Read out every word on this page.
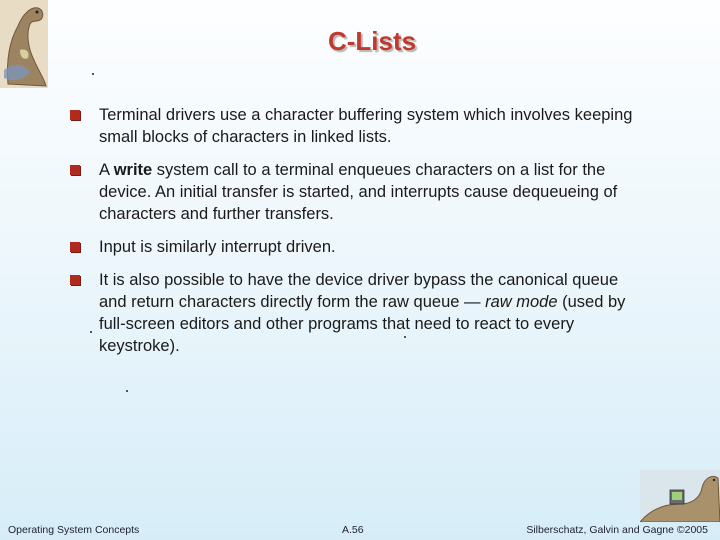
C-Lists
Terminal drivers use a character buffering system which involves keeping small blocks of characters in linked lists.
A write system call to a terminal enqueues characters on a list for the device. An initial transfer is started, and interrupts cause dequeueing of characters and further transfers.
Input is similarly interrupt driven.
It is also possible to have the device driver bypass the canonical queue and return characters directly form the raw queue — raw mode (used by full-screen editors and other programs that need to react to every keystroke).
Operating System Concepts	A.56	Silberschatz, Galvin and Gagne ©2005
